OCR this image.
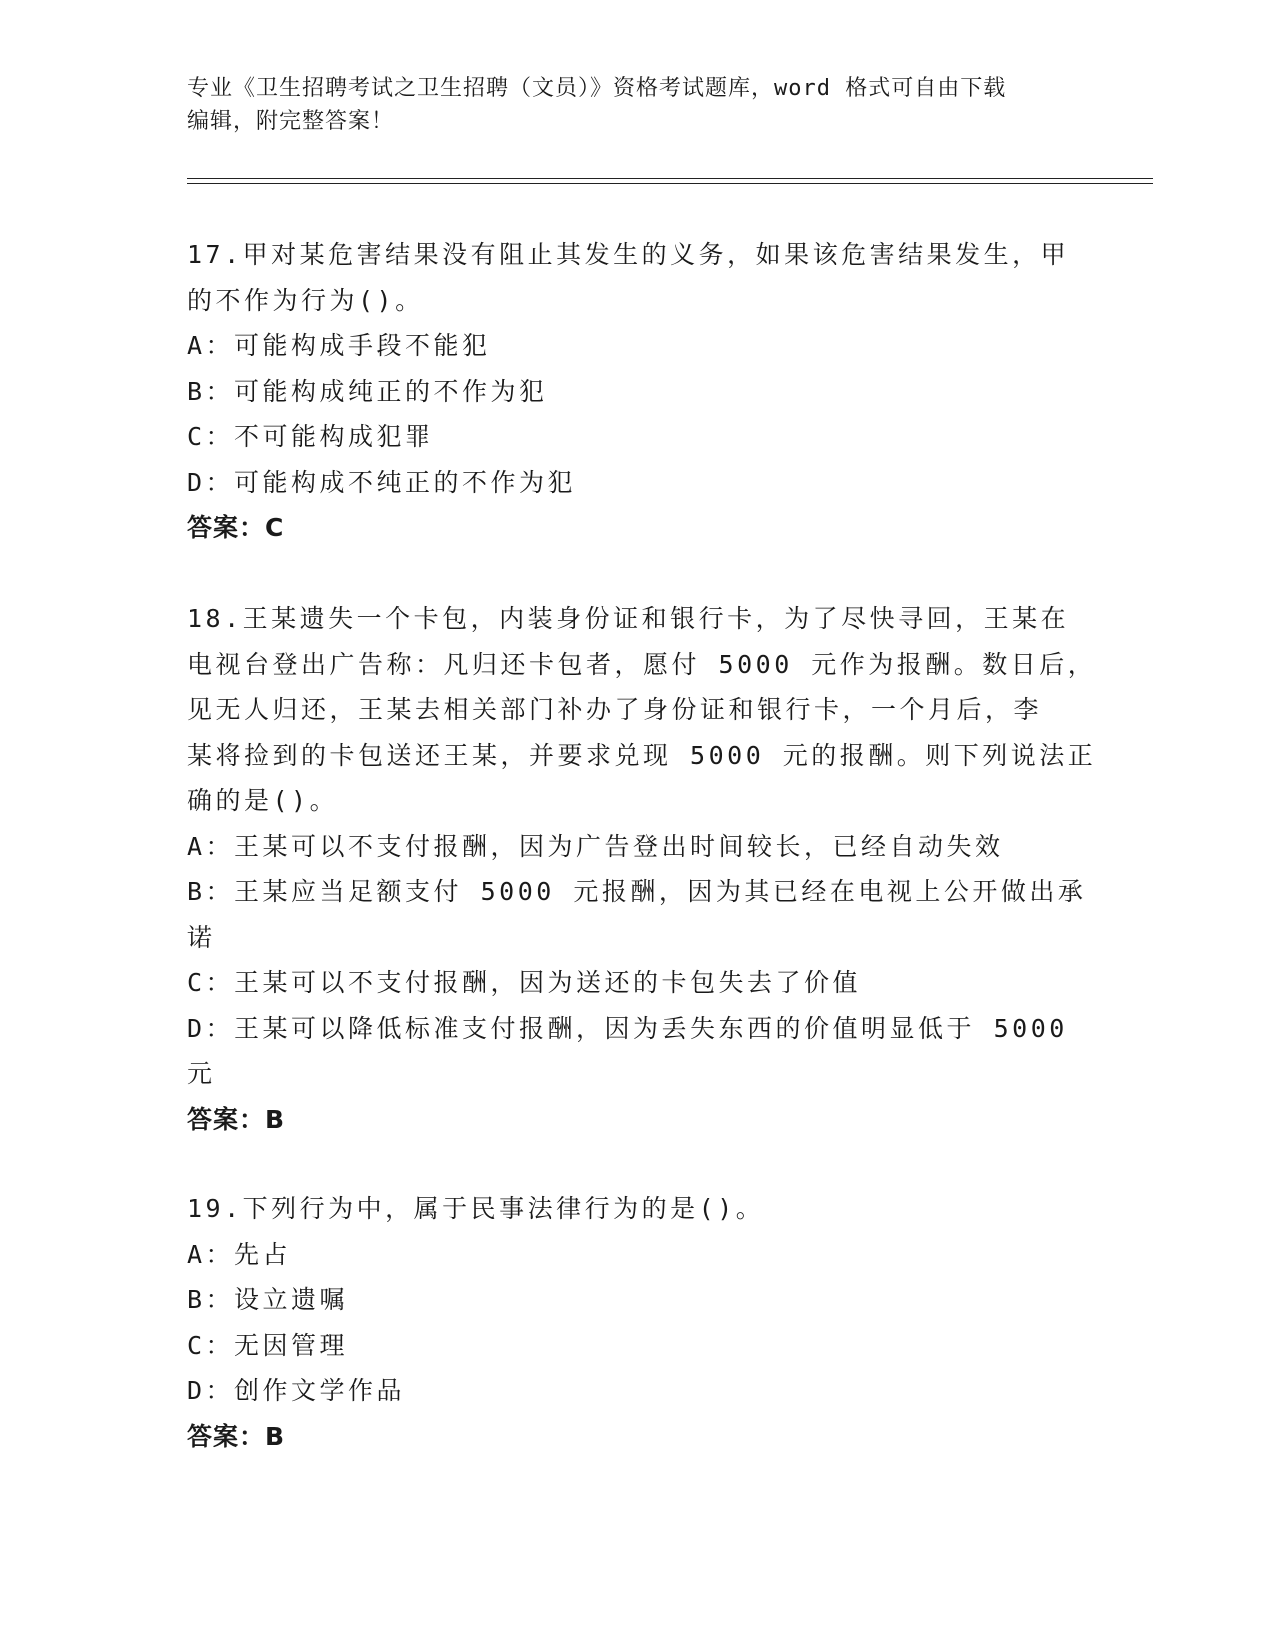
专业《卫生招聘考试之卫生招聘（文员）》资格考试题库，word 格式可自由下载
编辑，附完整答案！
17.甲对某危害结果没有阻止其发生的义务，如果该危害结果发生，甲
的不作为行为()。
A：可能构成手段不能犯
B：可能构成纯正的不作为犯
C：不可能构成犯罪
D：可能构成不纯正的不作为犯
答案：C
18.王某遗失一个卡包，内装身份证和银行卡，为了尽快寻回，王某在
电视台登出广告称：凡归还卡包者，愿付 5000 元作为报酬。数日后，
见无人归还，王某去相关部门补办了身份证和银行卡，一个月后，李
某将捡到的卡包送还王某，并要求兑现 5000 元的报酬。则下列说法正
确的是()。
A：王某可以不支付报酬，因为广告登出时间较长，已经自动失效
B：王某应当足额支付 5000 元报酬，因为其已经在电视上公开做出承
诺
C：王某可以不支付报酬，因为送还的卡包失去了价值
D：王某可以降低标准支付报酬，因为丢失东西的价值明显低于 5000
元
答案：B
19.下列行为中，属于民事法律行为的是()。
A：先占
B：设立遗嘱
C：无因管理
D：创作文学作品
答案：B
